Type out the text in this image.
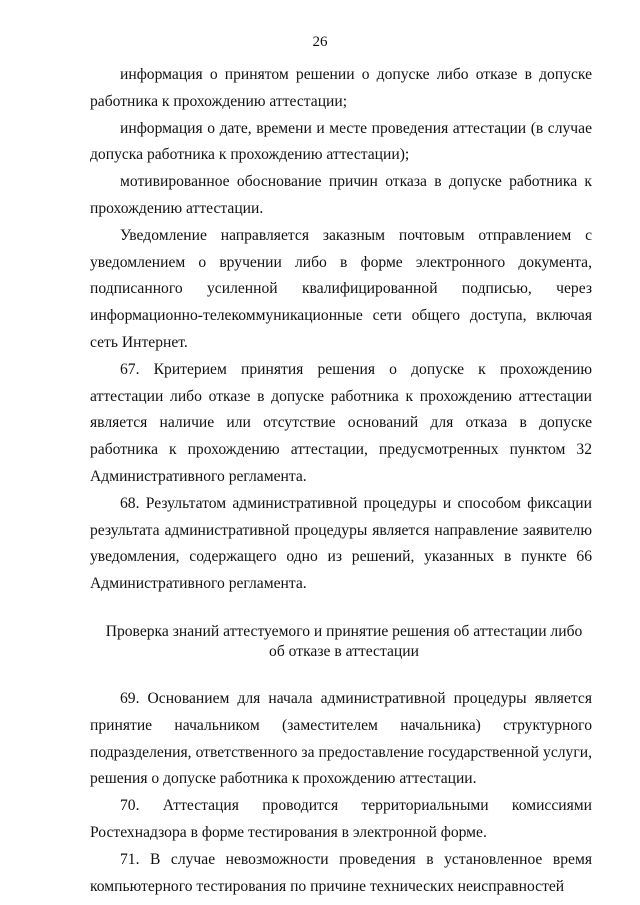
26

информация о принятом решении о допуске либо отказе в допуске работника к прохождению аттестации;

информация о дате, времени и месте проведения аттестации (в случае допуска работника к прохождению аттестации);

мотивированное обоснование причин отказа в допуске работника к прохождению аттестации.

Уведомление направляется заказным почтовым отправлением с уведомлением о вручении либо в форме электронного документа, подписанного усиленной квалифицированной подписью, через информационно-телекоммуникационные сети общего доступа, включая сеть Интернет.

67. Критерием принятия решения о допуске к прохождению аттестации либо отказе в допуске работника к прохождению аттестации является наличие или отсутствие оснований для отказа в допуске работника к прохождению аттестации, предусмотренных пунктом 32 Административного регламента.

68. Результатом административной процедуры и способом фиксации результата административной процедуры является направление заявителю уведомления, содержащего одно из решений, указанных в пункте 66 Административного регламента.

Проверка знаний аттестуемого и принятие решения об аттестации либо об отказе в аттестации

69. Основанием для начала административной процедуры является принятие начальником (заместителем начальника) структурного подразделения, ответственного за предоставление государственной услуги, решения о допуске работника к прохождению аттестации.

70. Аттестация проводится территориальными комиссиями Ростехнадзора в форме тестирования в электронной форме.

71. В случае невозможности проведения в установленное время компьютерного тестирования по причине технических неисправностей
